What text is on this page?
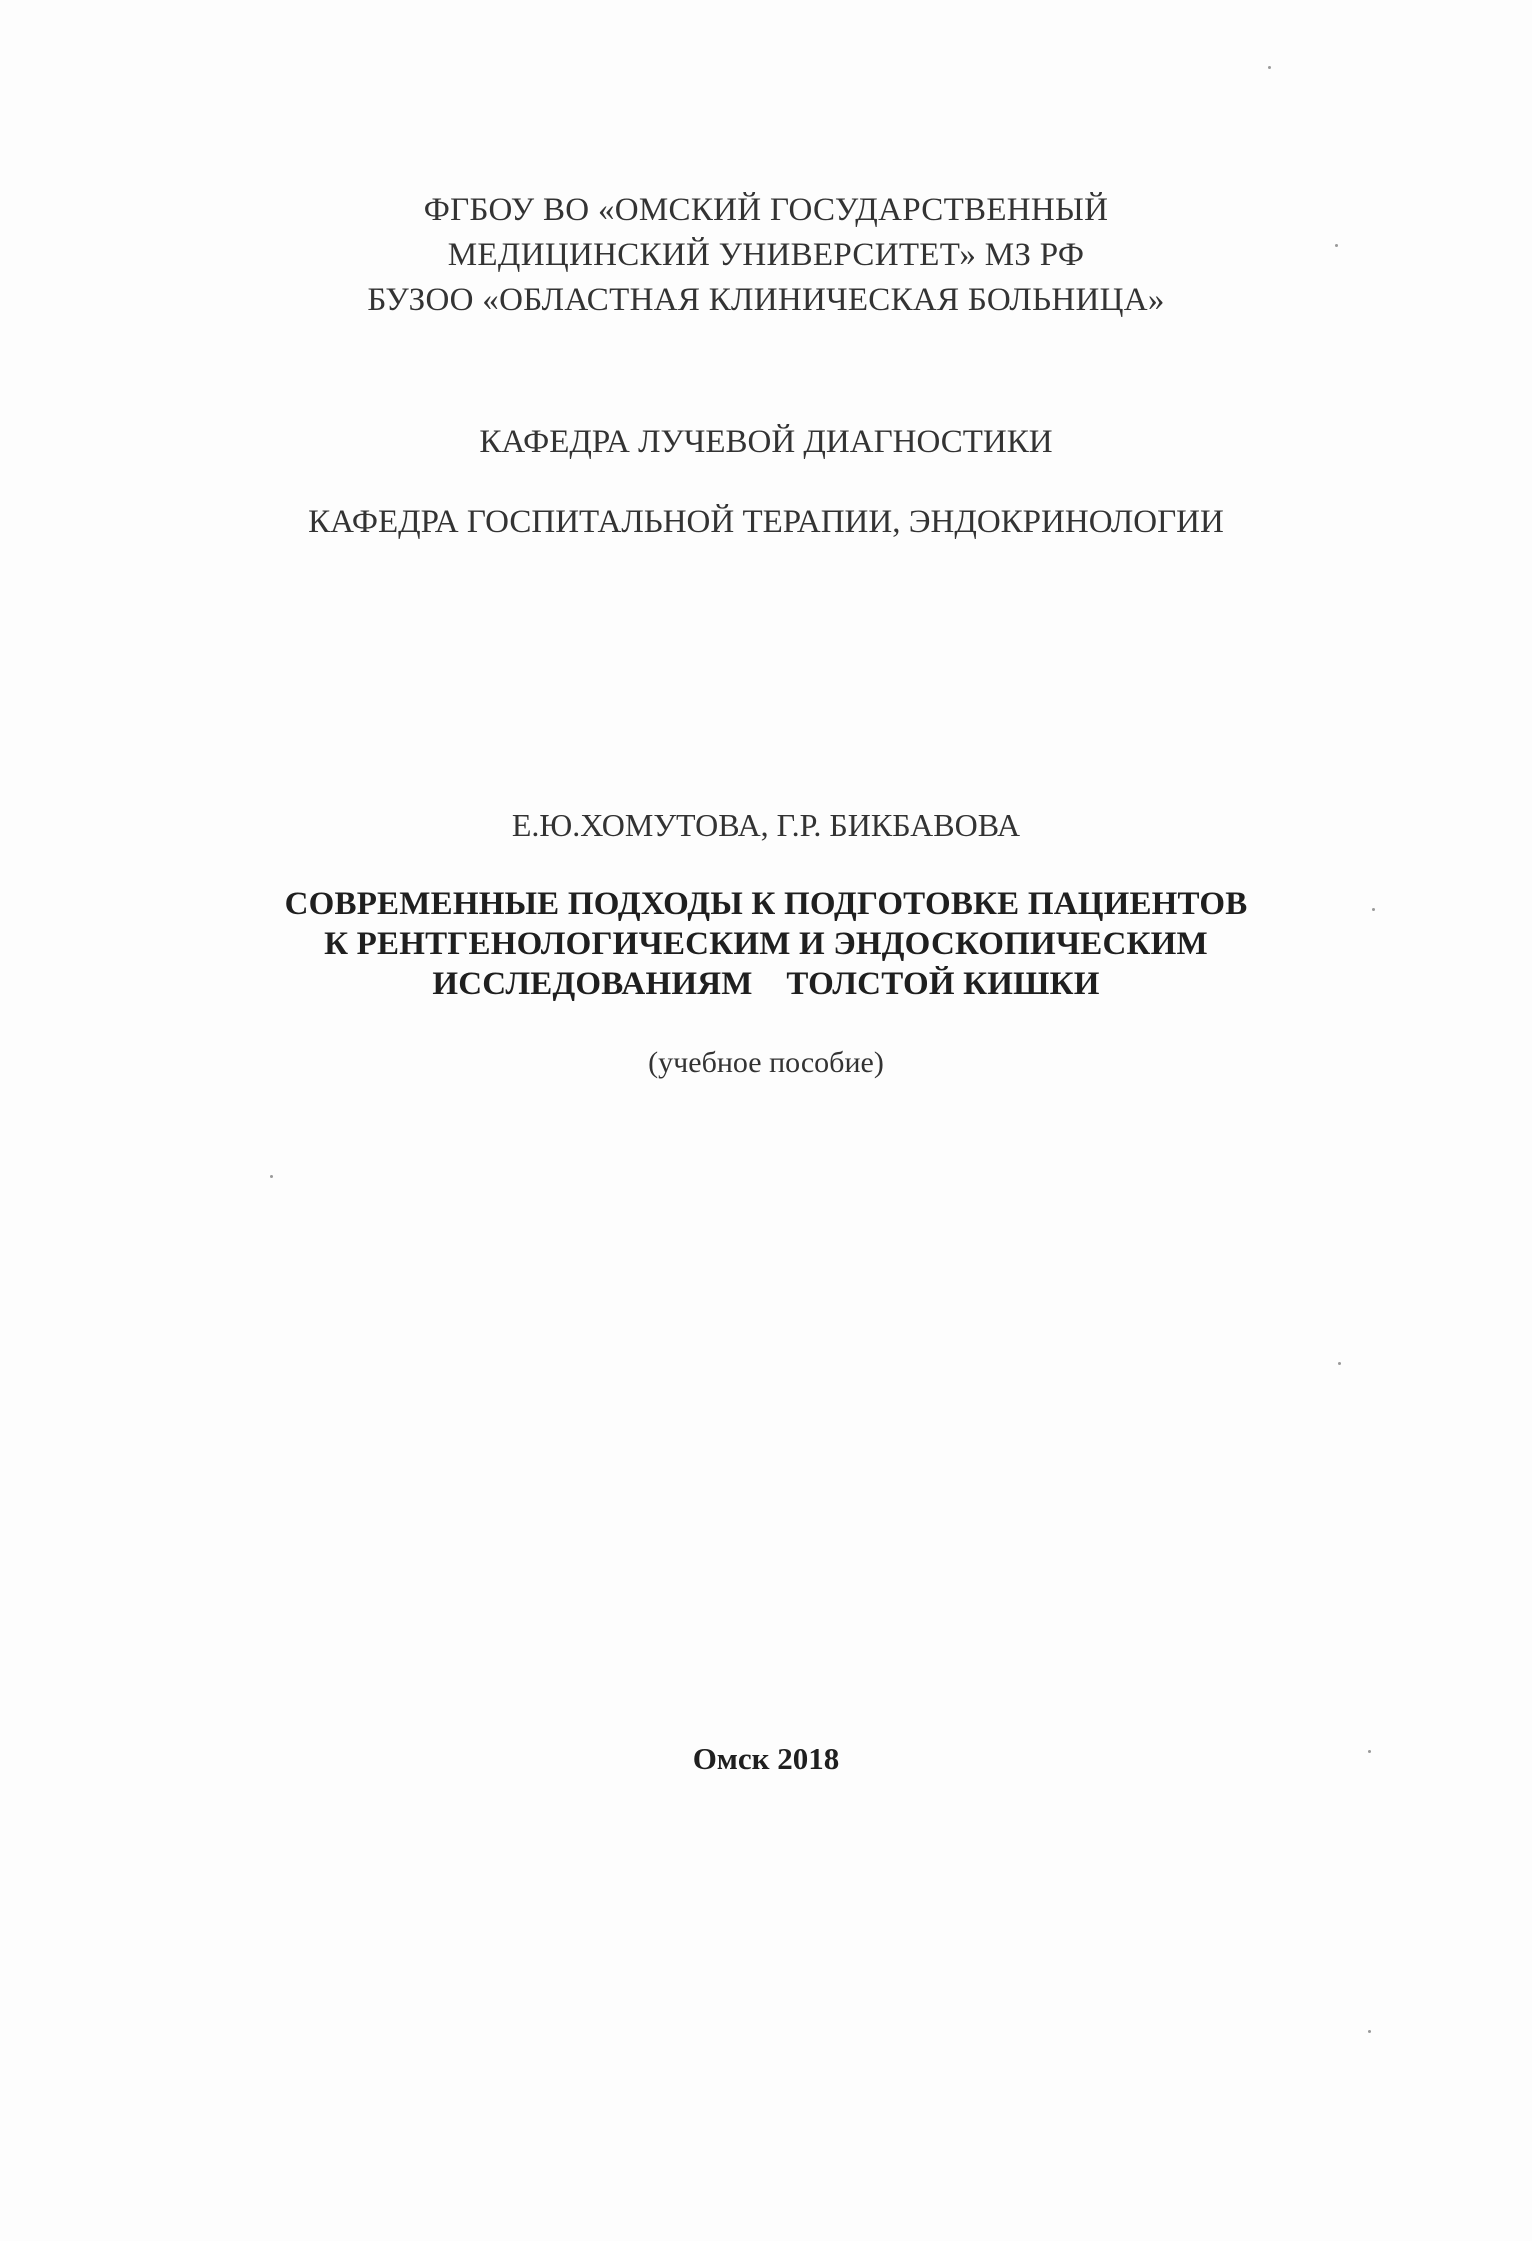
ФГБОУ ВО «ОМСКИЙ ГОСУДАРСТВЕННЫЙ
МЕДИЦИНСКИЙ УНИВЕРСИТЕТ» МЗ РФ
БУЗОО «ОБЛАСТНАЯ КЛИНИЧЕСКАЯ БОЛЬНИЦА»
КАФЕДРА ЛУЧЕВОЙ ДИАГНОСТИКИ
КАФЕДРА ГОСПИТАЛЬНОЙ ТЕРАПИИ, ЭНДОКРИНОЛОГИИ
Е.Ю.ХОМУТОВА, Г.Р. БИКБАВОВА
СОВРЕМЕННЫЕ ПОДХОДЫ К ПОДГОТОВКЕ ПАЦИЕНТОВ
К РЕНТГЕНОЛОГИЧЕСКИМ И ЭНДОСКОПИЧЕСКИМ
ИССЛЕДОВАНИЯМ    ТОЛСТОЙ КИШКИ
(учебное пособие)
Омск 2018
